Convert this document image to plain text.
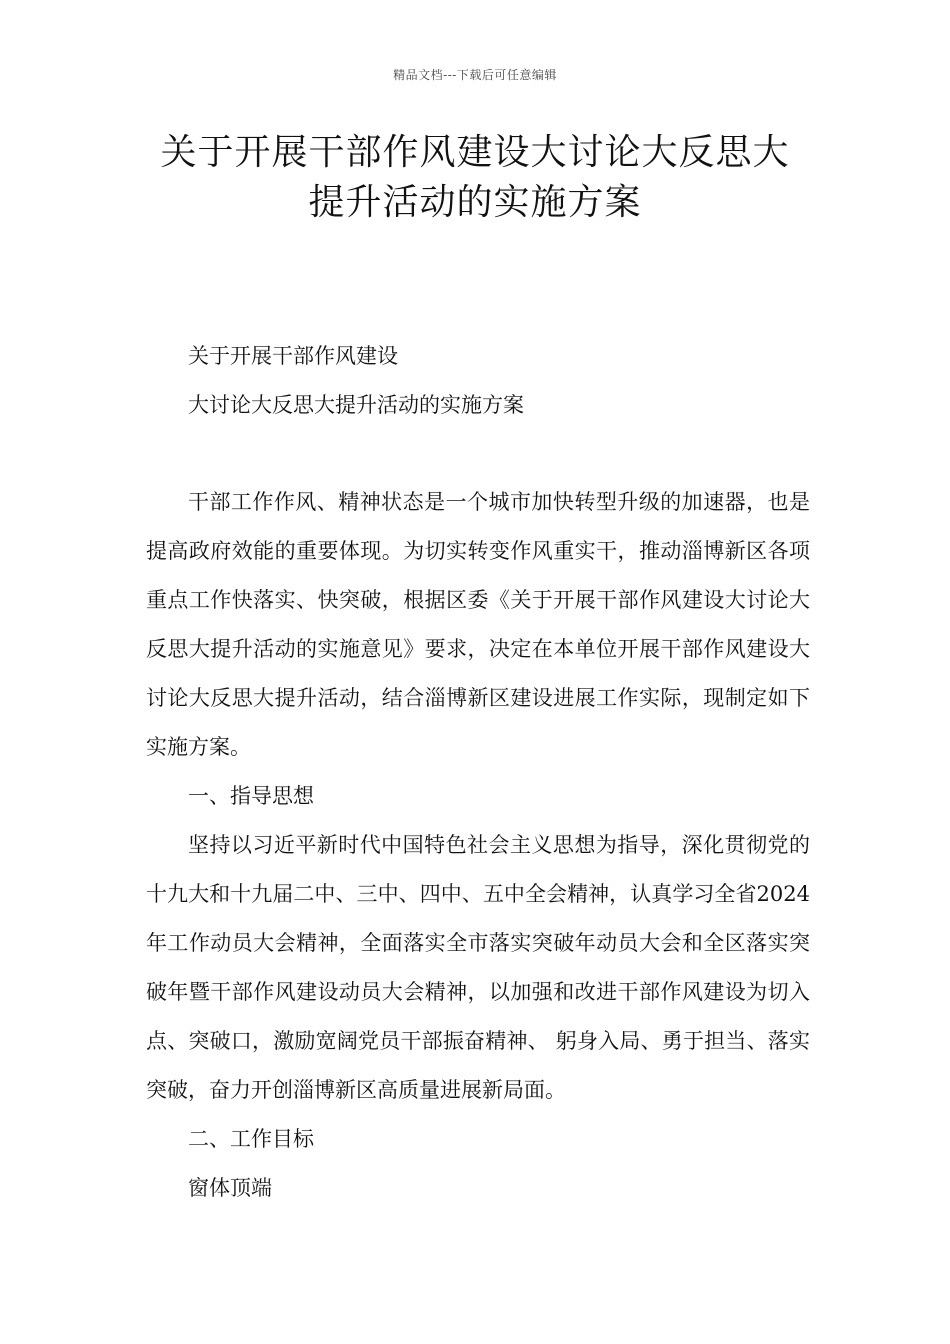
精品文档---下载后可任意编辑
关于开展干部作风建设大讨论大反思大
提升活动的实施方案

关于开展干部作风建设

大讨论大反思大提升活动的实施方案

干部工作作风、精神状态是一个城市加快转型升级的加速器，也是提高政府效能的重要体现。为切实转变作风重实干，推动淄博新区各项重点工作快落实、快突破，根据区委《关于开展干部作风建设大讨论大反思大提升活动的实施意见》要求，决定在本单位开展干部作风建设大讨论大反思大提升活动，结合淄博新区建设进展工作实际，现制定如下实施方案。

一、指导思想

坚持以习近平新时代中国特色社会主义思想为指导，深化贯彻党的十九大和十九届二中、三中、四中、五中全会精神，认真学习全省2024年工作动员大会精神，全面落实全市落实突破年动员大会和全区落实突破年暨干部作风建设动员大会精神，以加强和改进干部作风建设为切入点、突破口，激励宽阔党员干部振奋精神、 躬身入局、勇于担当、落实突破，奋力开创淄博新区高质量进展新局面。

二、工作目标

窗体顶端
